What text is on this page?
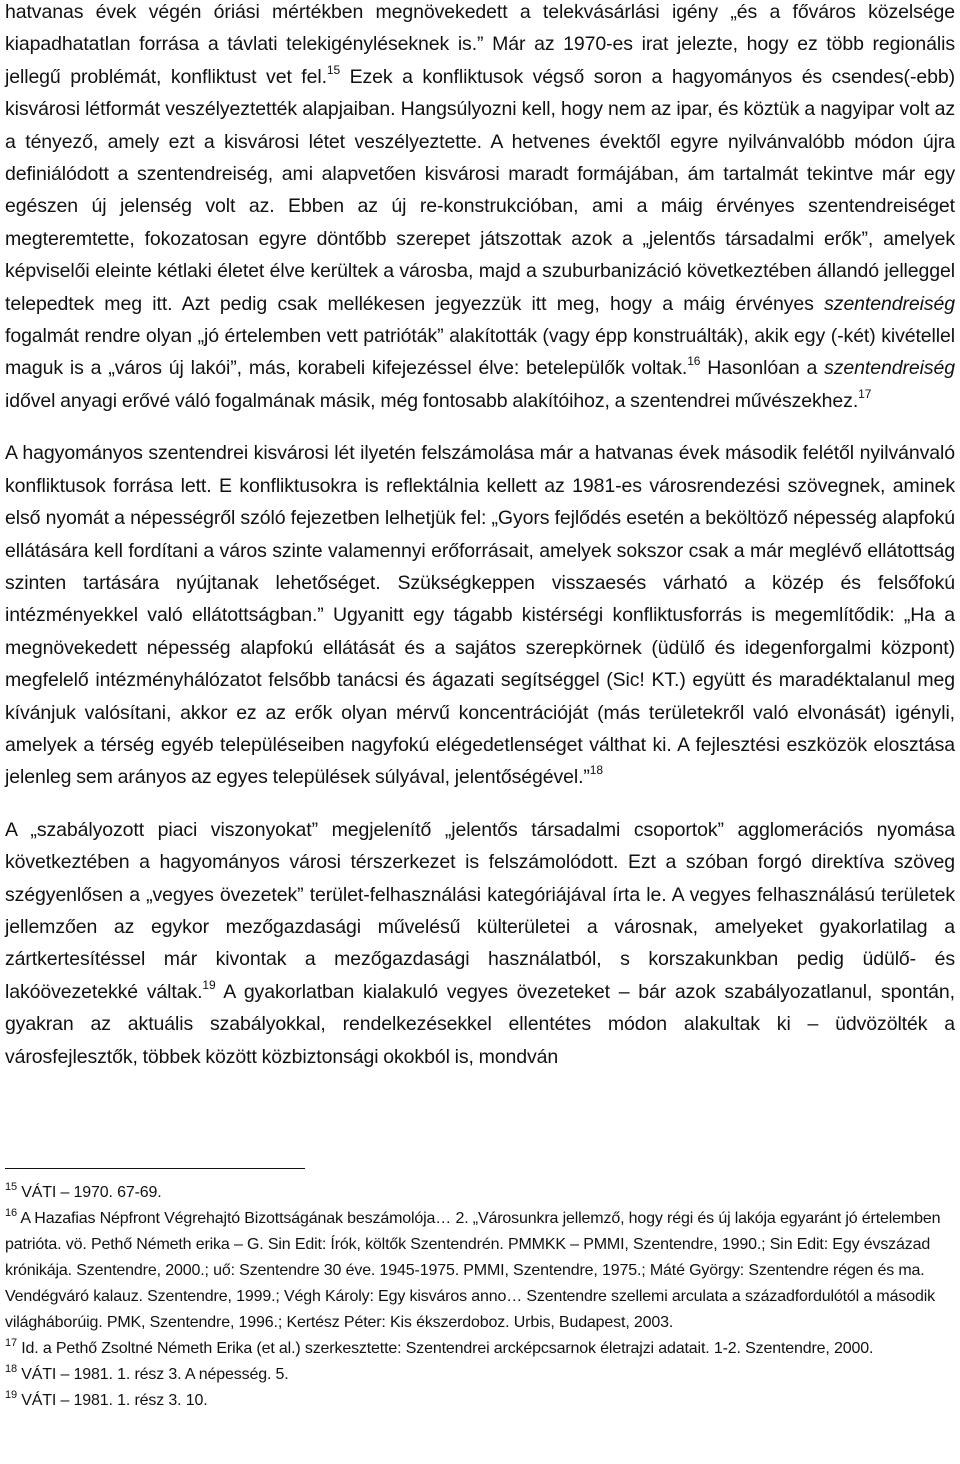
hatvanas évek végén óriási mértékben megnövekedett a telekvásárlási igény „és a főváros közelsége kiapadhatatlan forrása a távlati telekigényléseknek is.” Már az 1970-es irat jelezte, hogy ez több regionális jellegű problémát, konfliktust vet fel.$^{15}$ Ezek a konfliktusok végső soron a hagyományos és csendes(-ebb) kisvárosi létformát veszélyeztették alapjaiban. Hangsúlyozni kell, hogy nem az ipar, és köztük a nagyipar volt az a tényező, amely ezt a kisvárosi létet veszélyeztette. A hetvenes évektől egyre nyilvánvalóbb módon újra definiálódott a szentendreiség, ami alapvetően kisvárosi maradt formájában, ám tartalmát tekintve már egy egészen új jelenség volt az. Ebben az új re-konstrukcióban, ami a máig érvényes szentendreiséget megteremtette, fokozatosan egyre döntőbb szerepet játszottak azok a „jelentős társadalmi erők”, amelyek képviselői eleinte kétlaki életet élve kerültek a városba, majd a szuburbanizáció következtében állandó jelleggel telepedtek meg itt. Azt pedig csak mellékesen jegyezzük itt meg, hogy a máig érvényes szentendreiség fogalmát rendre olyan „jó értelemben vett patrióták” alakították (vagy épp konstruálták), akik egy (-két) kivétellel maguk is a „város új lakói”, más, korabeli kifejezéssel élve: betelepülők voltak.$^{16}$ Hasonlóan a szentendreiség idővel anyagi erővé váló fogalmának másik, még fontosabb alakítóihoz, a szentendrei művészekhez.$^{17}$

A hagyományos szentendrei kisvárosi lét ilyetén felszámolása már a hatvanas évek második felétől nyilvánvaló konfliktusok forrása lett. E konfliktusokra is reflektálnia kellett az 1981-es városrendezési szövegnek, aminek első nyomát a népességről szóló fejezetben lelhetjük fel: „Gyors fejlődés esetén a beköltöző népesség alapfokú ellátására kell fordítani a város szinte valamennyi erőforrásait, amelyek sokszor csak a már meglévő ellátottság szinten tartására nyújtanak lehetőséget. Szükségkeppen visszaesés várható a közép és felsőfokú intézményekkel való ellátottságban.” Ugyanitt egy tágabb kistérségi konfliktusforrás is megemlítődik: „Ha a megnövekedett népesség alapfokú ellátását és a sajátos szerepkörnek (üdülő és idegenforgalmi központ) megfelelő intézményhálózatot felsőbb tanácsi és ágazati segítséggel (Sic! KT.) együtt és maradéktalanul meg kívánjuk valósítani, akkor ez az erők olyan mérvű koncentrációját (más területekről való elvonását) igényli, amelyek a térség egyéb településeiben nagyfokú elégedetlenséget válthat ki. A fejlesztési eszközök elosztása jelenleg sem arányos az egyes települések súlyával, jelentőségével.”$^{18}$

A „szabályozott piaci viszonyokat” megjelenítő „jelentős társadalmi csoportok” agglomerációs nyomása következtében a hagyományos városi térszerkezet is felszámolódott. Ezt a szóban forgó direktíva szöveg szégyenlősen a „vegyes övezetek” terület-felhasználási kategóriájával írta le. A vegyes felhasználású területek jellemzően az egykor mezőgazdasági művelésű külterületei a városnak, amelyeket gyakorlatilag a zártkertesítéssel már kivontak a mezőgazdasági használatból, s korszakunkban pedig üdülő- és lakóövezetekké váltak.$^{19}$ A gyakorlatban kialakuló vegyes övezeteket – bár azok szabályozatlanul, spontán, gyakran az aktuális szabályokkal, rendelkezésekkel ellentétes módon alakultak ki – üdvözölték a városfejlesztők, többek között közbiztonsági okokból is, mondván

$^{15}$ VÁTI – 1970. 67-69.

$^{16}$ A Hazafias Népfront Végrehajtó Bizottságának beszámolója… 2. „Városunkra jellemző, hogy régi és új lakója egyaránt jó értelemben patrióta. vö. Pethő Németh erika – G. Sin Edit: Írók, költők Szentendrén. PMMKK – PMMI, Szentendre, 1990.; Sin Edit: Egy évszázad krónikája. Szentendre, 2000.; uő: Szentendre 30 éve. 1945-1975. PMMI, Szentendre, 1975.; Máté György: Szentendre régen és ma. Vendégváró kalauz. Szentendre, 1999.; Végh Károly: Egy kisváros anno… Szentendre szellemi arculata a századfordulótól a második világháborúig. PMK, Szentendre, 1996.; Kertész Péter: Kis ékszerdoboz. Urbis, Budapest, 2003.

$^{17}$ Id. a Pethő Zsoltné Németh Erika (et al.) szerkesztette: Szentendrei arcképcsarnok életrajzi adatait. 1-2. Szentendre, 2000.

$^{18}$ VÁTI – 1981. 1. rész 3. A népesség. 5.

$^{19}$ VÁTI – 1981. 1. rész 3. 10.
